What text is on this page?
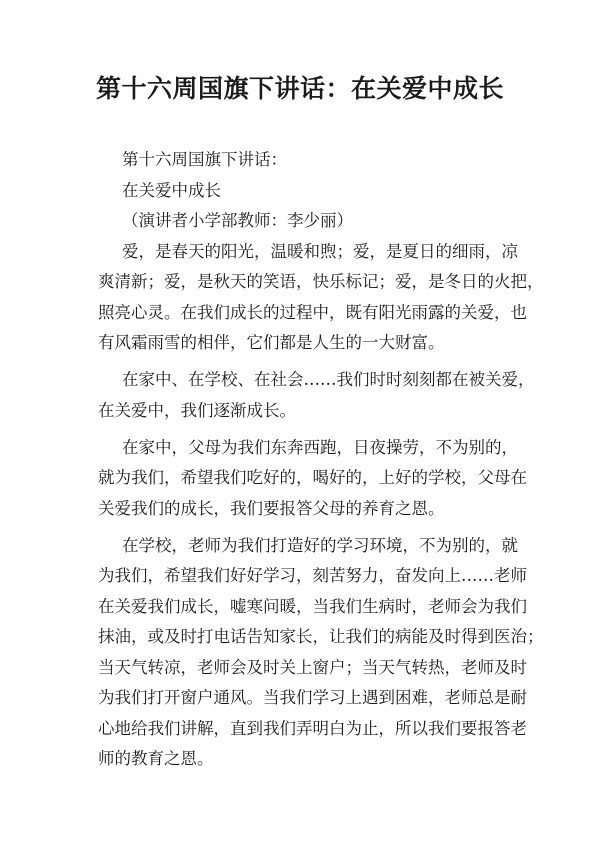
第十六周国旗下讲话：在关爱中成长

第十六周国旗下讲话：

在关爱中成长

（演讲者小学部教师：李少丽）

爱，是春天的阳光，温暖和煦；爱，是夏日的细雨，凉

爽清新；爱，是秋天的笑语，快乐标记；爱，是冬日的火把，

照亮心灵。在我们成长的过程中，既有阳光雨露的关爱，也

有风霜雨雪的相伴，它们都是人生的一大财富。

在家中、在学校、在社会……我们时时刻刻都在被关爱，

在关爱中，我们逐渐成长。

在家中，父母为我们东奔西跑，日夜操劳，不为别的，

就为我们，希望我们吃好的，喝好的，上好的学校，父母在

关爱我们的成长，我们要报答父母的养育之恩。

在学校，老师为我们打造好的学习环境，不为别的，就

为我们，希望我们好好学习，刻苦努力，奋发向上……老师

在关爱我们成长，嘘寒问暖，当我们生病时，老师会为我们

抹油，或及时打电话告知家长，让我们的病能及时得到医治；

当天气转凉，老师会及时关上窗户；当天气转热，老师及时

为我们打开窗户通风。当我们学习上遇到困难，老师总是耐

心地给我们讲解，直到我们弄明白为止，所以我们要报答老

师的教育之恩。
